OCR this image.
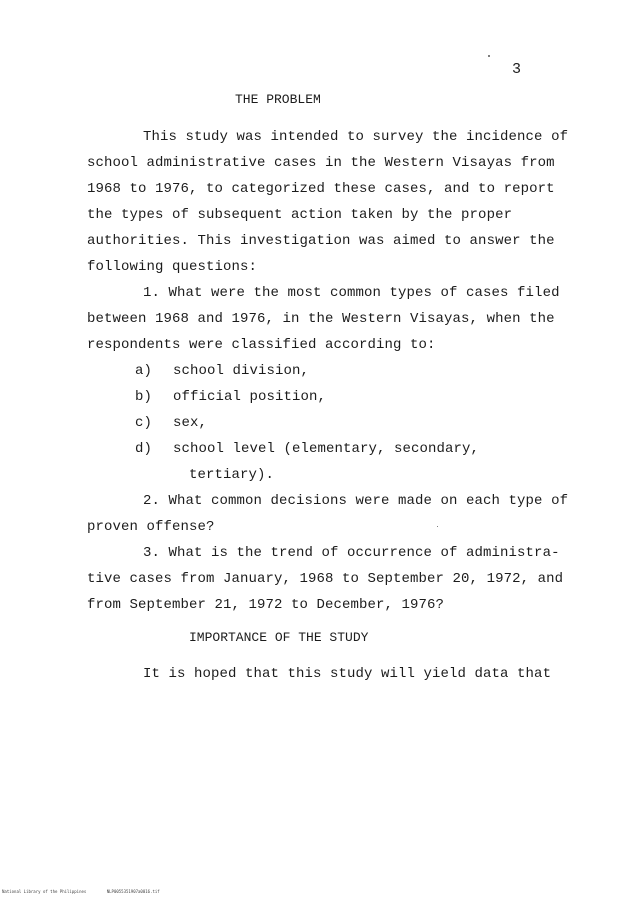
3
THE PROBLEM
This study was intended to survey the incidence of
school administrative cases in the Western Visayas from
1968 to 1976, to categorized these cases, and to report
the types of subsequent action taken by the proper
authorities. This investigation was aimed to answer the
following questions:
1. What were the most common types of cases filed
between 1968 and 1976, in the Western Visayas, when the
respondents were classified according to:
a) school division,
b) official position,
c) sex,
d) school level (elementary, secondary,
tertiary).
2. What common decisions were made on each type of
proven offense?
3. What is the trend of occurrence of administra-
tive cases from January, 1968 to September 20, 1972, and
from September 21, 1972 to December, 1976?
IMPORTANCE OF THE STUDY
It is hoped that this study will yield data that
National Library of the Philippines	NLP0055351907a0016.tif
